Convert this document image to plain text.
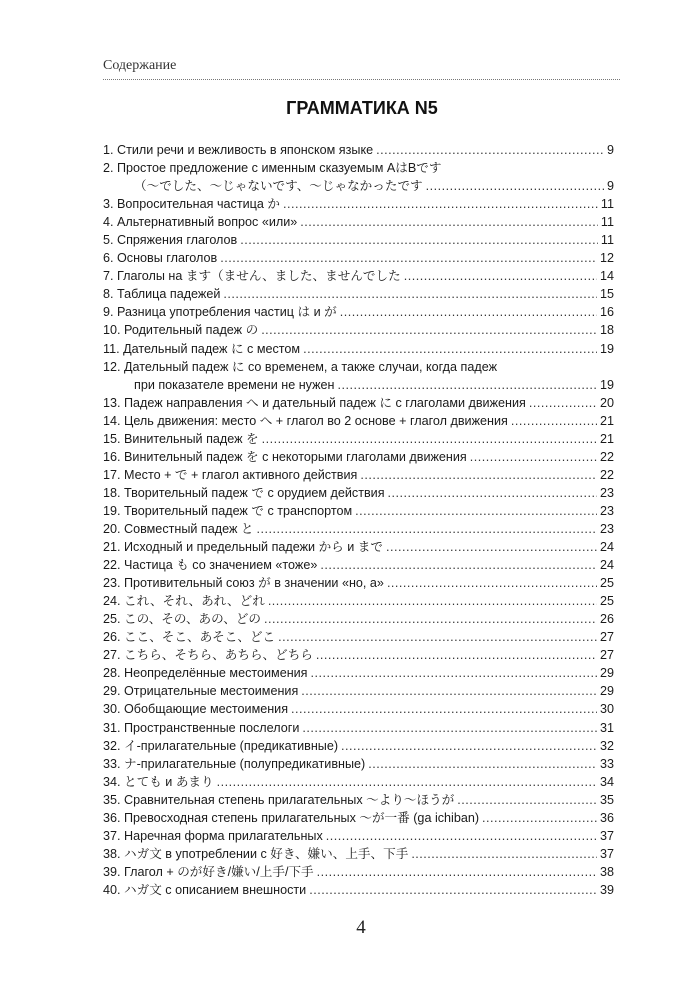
Содержание
ГРАММАТИКА N5
1. Стили речи и вежливость в японском языке .....	9
2. Простое предложение с именным сказуемым AはBです
（〜でした、〜じゃないです、〜じゃなかったです .....	9
3. Вопросительная частица か .....	11
4. Альтернативный вопрос «или» .....	11
5. Спряжения глаголов .....	11
6. Основы глаголов .....	12
7. Глаголы на ます（ません、ました、ませんでした .....	14
8. Таблица падежей .....	15
9. Разница употребления частиц は и が .....	16
10. Родительный падеж の .....	18
11. Дательный падеж に с местом .....	19
12. Дательный падеж に со временем, а также случаи, когда падеж
при показателе времени не нужен .....	19
13. Падеж направления へ и дательный падеж に с глаголами движения .....	20
14. Цель движения: место へ + глагол во 2 основе + глагол движения .....	21
15. Винительный падеж を .....	21
16. Винительный падеж を с некоторыми глаголами движения .....	22
17. Место + で + глагол активного действия .....	22
18. Творительный падеж で с орудием действия .....	23
19. Творительный падеж で с транспортом .....	23
20. Совместный падеж と .....	23
21. Исходный и предельный падежи から и まで .....	24
22. Частица も со значением «тоже» .....	24
23. Противительный союз が в значении «но, а» .....	25
24. これ、それ、あれ、どれ .....	25
25. この、その、あの、どの .....	26
26. ここ、そこ、あそこ、どこ .....	27
27. こちら、そちら、あちら、どちら .....	27
28. Неопределённые местоимения .....	29
29. Отрицательные местоимения .....	29
30. Обобщающие местоимения .....	30
31. Пространственные послелоги .....	31
32. イ-прилагательные (предикативные) .....	32
33. ナ-прилагательные (полупредикативные) .....	33
34. とても и あまり .....	34
35. Сравнительная степень прилагательных 〜より〜ほうが .....	35
36. Превосходная степень прилагательных 〜が一番 (ga ichiban) .....	36
37. Наречная форма прилагательных .....	37
38. ハガ文 в употреблении с 好き、嫌い、上手、下手 .....	37
39. Глагол + のが好き/嫌い/上手/下手 .....	38
40. ハガ文 с описанием внешности .....	39
4
